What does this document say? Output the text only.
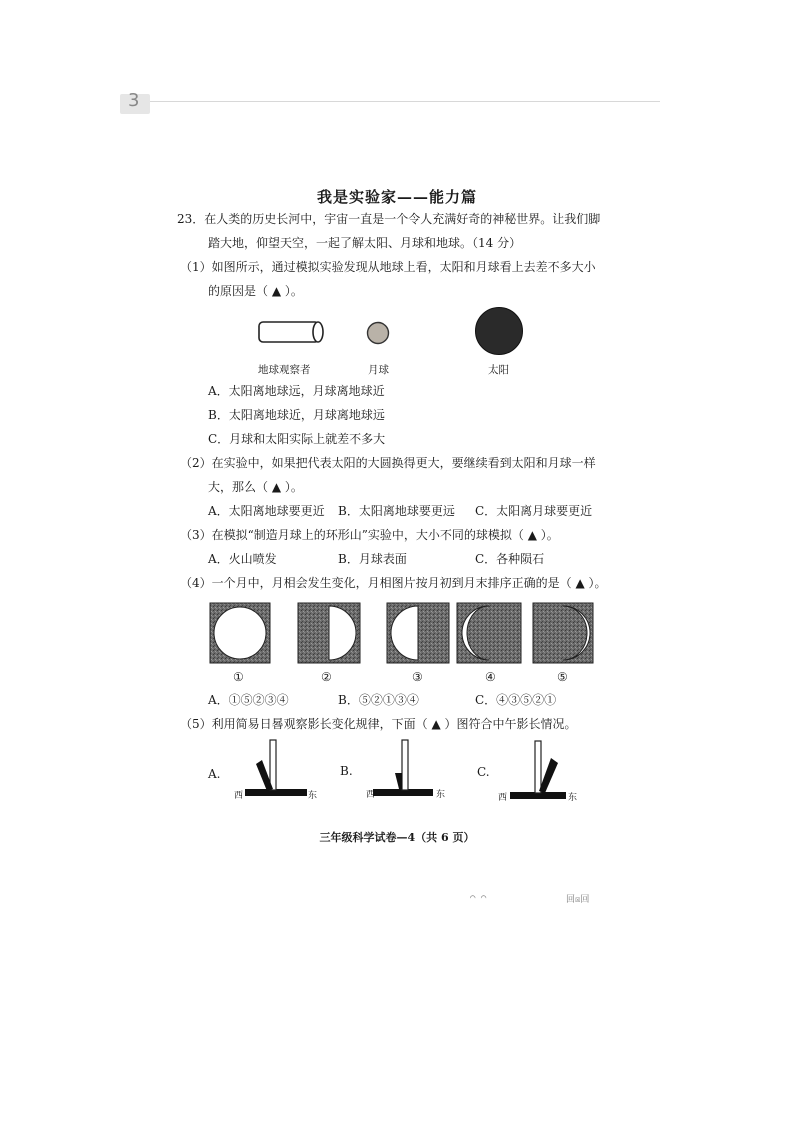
3
我是实验家——能力篇
23．在人类的历史长河中，宇宙一直是一个令人充满好奇的神秘世界。让我们脚
踏大地，仰望天空，一起了解太阳、月球和地球。（14 分）
（1）如图所示，通过模拟实验发现从地球上看，太阳和月球看上去差不多大小
的原因是（ ▲ ）。
地球观察者	月球	太阳
A．太阳离地球远，月球离地球近
B．太阳离地球近，月球离地球远
C．月球和太阳实际上就差不多大
（2）在实验中，如果把代表太阳的大圆换得更大，要继续看到太阳和月球一样
大，那么（ ▲ ）。
A．太阳离地球要更近 B．太阳离地球要更远 C．太阳离月球要更近
（3）在模拟“制造月球上的环形山”实验中，大小不同的球模拟（ ▲ ）。
A．火山喷发	B．月球表面	C．各种陨石
（4）一个月中，月相会发生变化，月相图片按月初到月末排序正确的是（ ▲ ）。
①	②	③	④	⑤
A．①⑤②③④	B．⑤②①③④	C．④③⑤②①
（5）利用简易日晷观察影长变化规律，下面（ ▲ ）图符合中午影长情况。
A.	B.	C.
西	东	西	东	西	东
三年级科学试卷—4（共 6 页）
⌒ ⌒	回☒回
